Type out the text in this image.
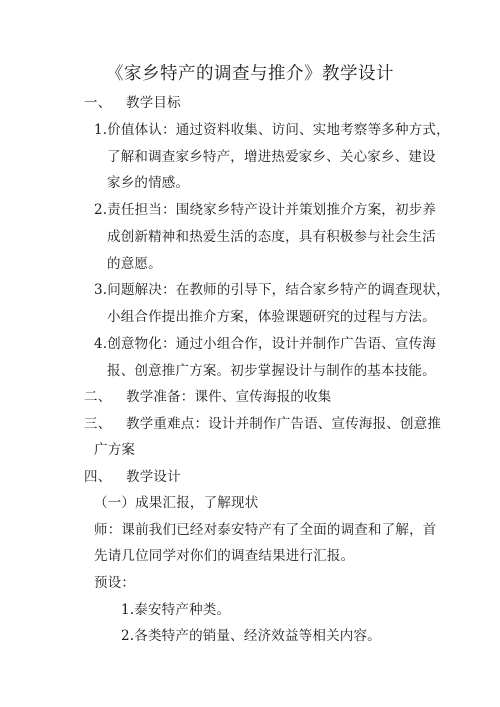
《家乡特产的调查与推介》教学设计
一、 教学目标
1.价值体认：通过资料收集、访问、实地考察等多种方式，
了解和调查家乡特产，增进热爱家乡、关心家乡、建设
家乡的情感。
2.责任担当：围绕家乡特产设计并策划推介方案，初步养
成创新精神和热爱生活的态度，具有积极参与社会生活
的意愿。
3.问题解决：在教师的引导下，结合家乡特产的调查现状，
小组合作提出推介方案，体验课题研究的过程与方法。
4.创意物化：通过小组合作，设计并制作广告语、宣传海
报、创意推广方案。初步掌握设计与制作的基本技能。
二、 教学准备：课件、宣传海报的收集
三、 教学重难点：设计并制作广告语、宣传海报、创意推
广方案
四、 教学设计
（一）成果汇报，了解现状
师：课前我们已经对泰安特产有了全面的调查和了解，首
先请几位同学对你们的调查结果进行汇报。
预设：
1.泰安特产种类。
2.各类特产的销量、经济效益等相关内容。
